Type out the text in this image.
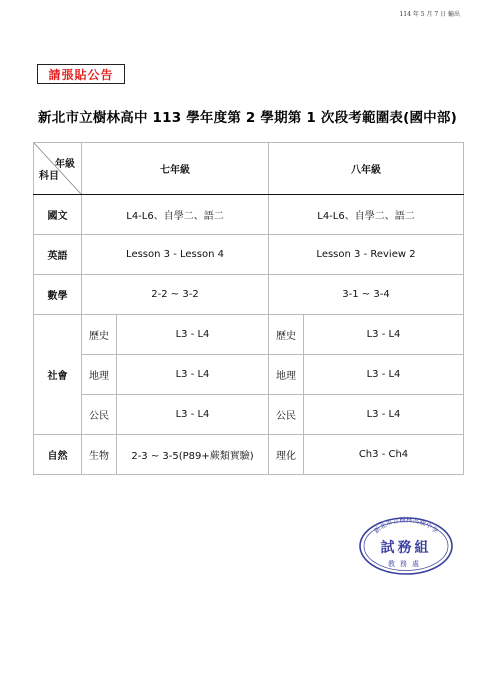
114 年 5 月 7 日 輸出
請張貼公告
新北市立樹林高中 113 學年度第 2 學期第 1 次段考範圍表(國中部)
年級
科目	七年級		八年級	
國文	L4-L6、自學二、語二		L4-L6、自學二、語二	
英語	Lesson 3 - Lesson 4		Lesson 3 - Review 2	
數學	2-2 ~ 3-2		3-1 ~ 3-4	
社會	歷史	L3 - L4	歷史	L3 - L4
	地理	L3 - L4	地理	L3 - L4
	公民	L3 - L4	公民	L3 - L4
自然	生物	2-3 ~ 3-5(P89+蕨類實驗)	理化	Ch3 - Ch4
新北市立樹林高級中學
試務組
教務處
